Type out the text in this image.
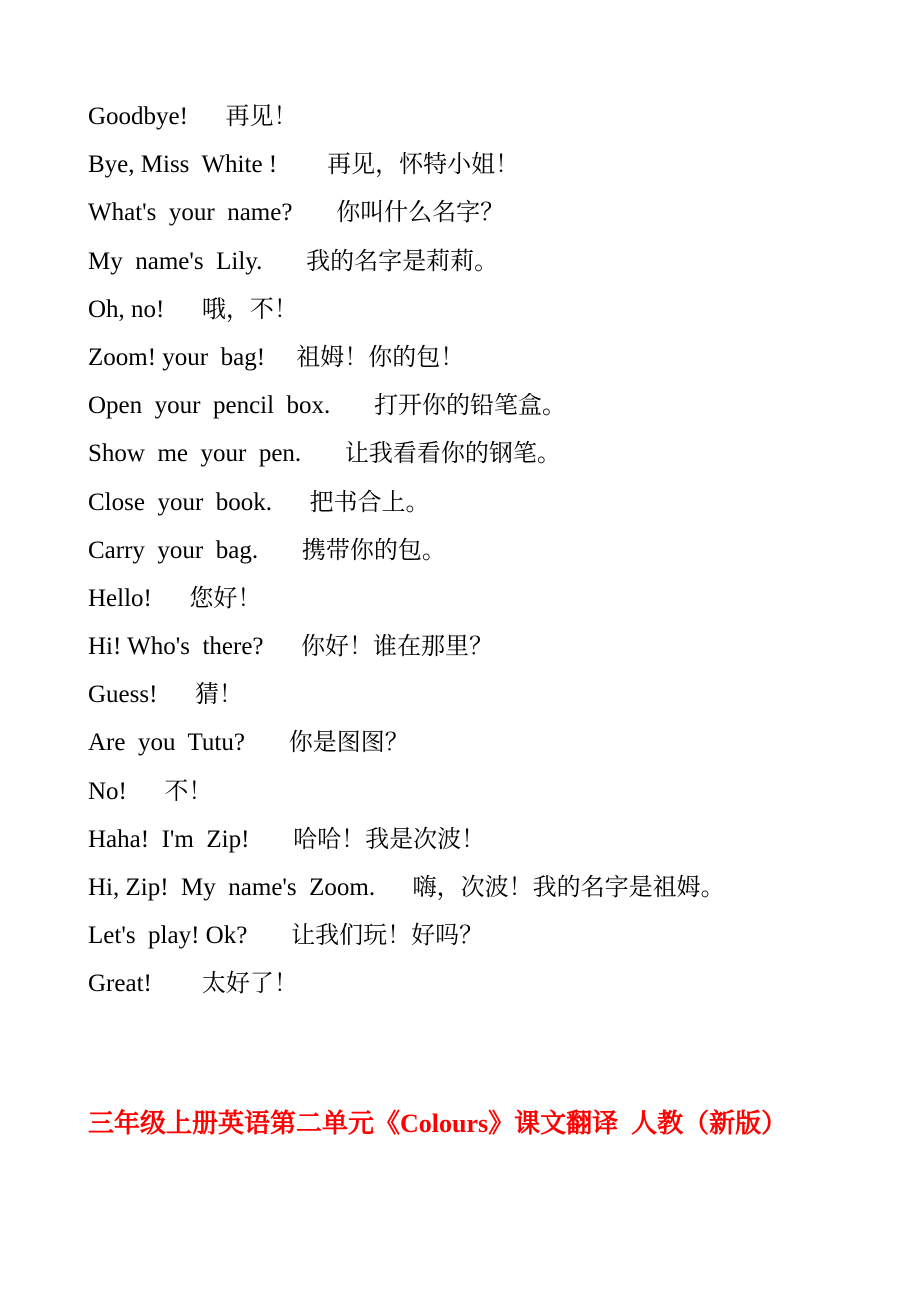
Goodbye! 再见！
Bye, Miss  White ! 再见，怀特小姐！
What's  your  name? 你叫什么名字？
My  name's  Lily. 我的名字是莉莉。
Oh, no! 哦，不！
Zoom! your  bag! 祖姆！你的包！
Open  your  pencil  box. 打开你的铅笔盒。
Show  me  your  pen. 让我看看你的钢笔。
Close  your  book. 把书合上。
Carry  your  bag. 携带你的包。
Hello! 您好！
Hi! Who's  there? 你好！谁在那里？
Guess! 猜！
Are  you  Tutu? 你是图图？
No! 不！
Haha!  I'm  Zip! 哈哈！我是次波！
Hi, Zip!  My  name's  Zoom. 嗨，次波！我的名字是祖姆。
Let's  play! Ok? 让我们玩！好吗？
Great! 太好了！
三年级上册英语第二单元《Colours》课文翻译  人教（新版）
